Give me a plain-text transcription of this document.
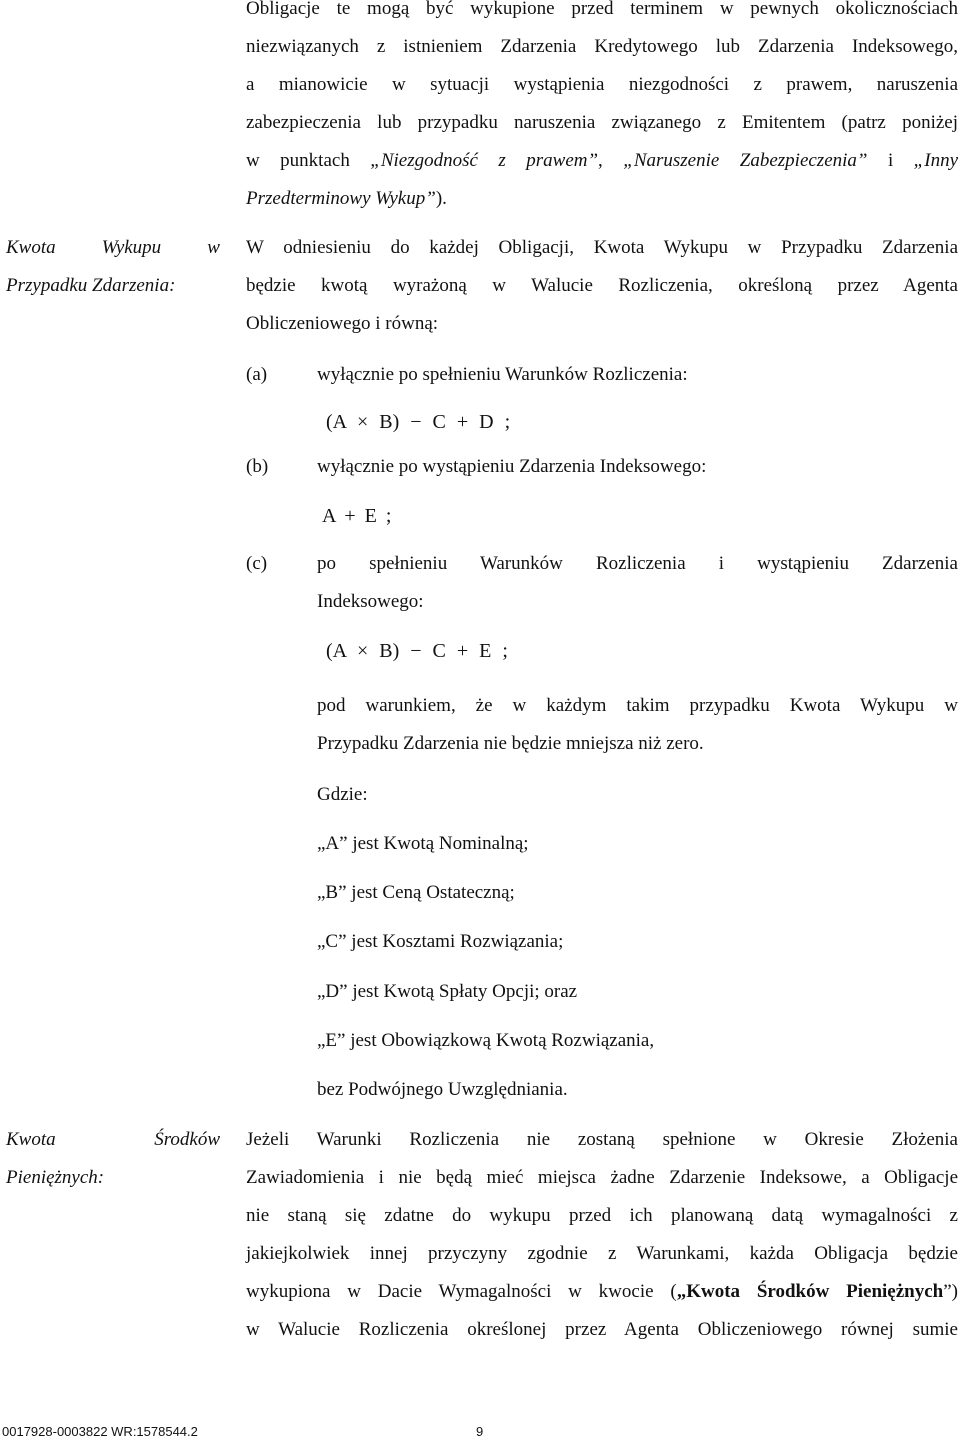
Obligacje te mogą być wykupione przed terminem w pewnych okolicznościach
niezwiązanych z istnieniem Zdarzenia Kredytowego lub Zdarzenia Indeksowego,
a mianowicie w sytuacji wystąpienia niezgodności z prawem, naruszenia
zabezpieczenia lub przypadku naruszenia związanego z Emitentem (patrz poniżej
w punktach „Niezgodność z prawem”, „Naruszenie Zabezpieczenia” i „Inny
Przedterminowy Wykup”).
Kwota Wykupu w
Przypadku Zdarzenia:
W odniesieniu do każdej Obligacji, Kwota Wykupu w Przypadku Zdarzenia
będzie kwotą wyrażoną w Walucie Rozliczenia, określoną przez Agenta
Obliczeniowego i równą:
(a)	wyłącznie po spełnieniu Warunków Rozliczenia:
(A × B) − C + D ;
(b)	wyłącznie po wystąpieniu Zdarzenia Indeksowego:
A + E ;
(c)	po spełnieniu Warunków Rozliczenia i wystąpieniu Zdarzenia
Indeksowego:
(A × B) − C + E ;
pod warunkiem, że w każdym takim przypadku Kwota Wykupu w
Przypadku Zdarzenia nie będzie mniejsza niż zero.
Gdzie:
„A” jest Kwotą Nominalną;
„B” jest Ceną Ostateczną;
„C” jest Kosztami Rozwiązania;
„D” jest Kwotą Spłaty Opcji; oraz
„E” jest Obowiązkową Kwotą Rozwiązania,
bez Podwójnego Uwzględniania.
Kwota	Środków
Pieniężnych:
Jeżeli Warunki Rozliczenia nie zostaną spełnione w Okresie Złożenia
Zawiadomienia i nie będą mieć miejsca żadne Zdarzenie Indeksowe, a Obligacje
nie staną się zdatne do wykupu przed ich planowaną datą wymagalności z
jakiejkolwiek innej przyczyny zgodnie z Warunkami, każda Obligacja będzie
wykupiona w Dacie Wymagalności w kwocie („Kwota Środków Pieniężnych”)
w Walucie Rozliczenia określonej przez Agenta Obliczeniowego równej sumie
0017928-0003822 WR:1578544.2	9
